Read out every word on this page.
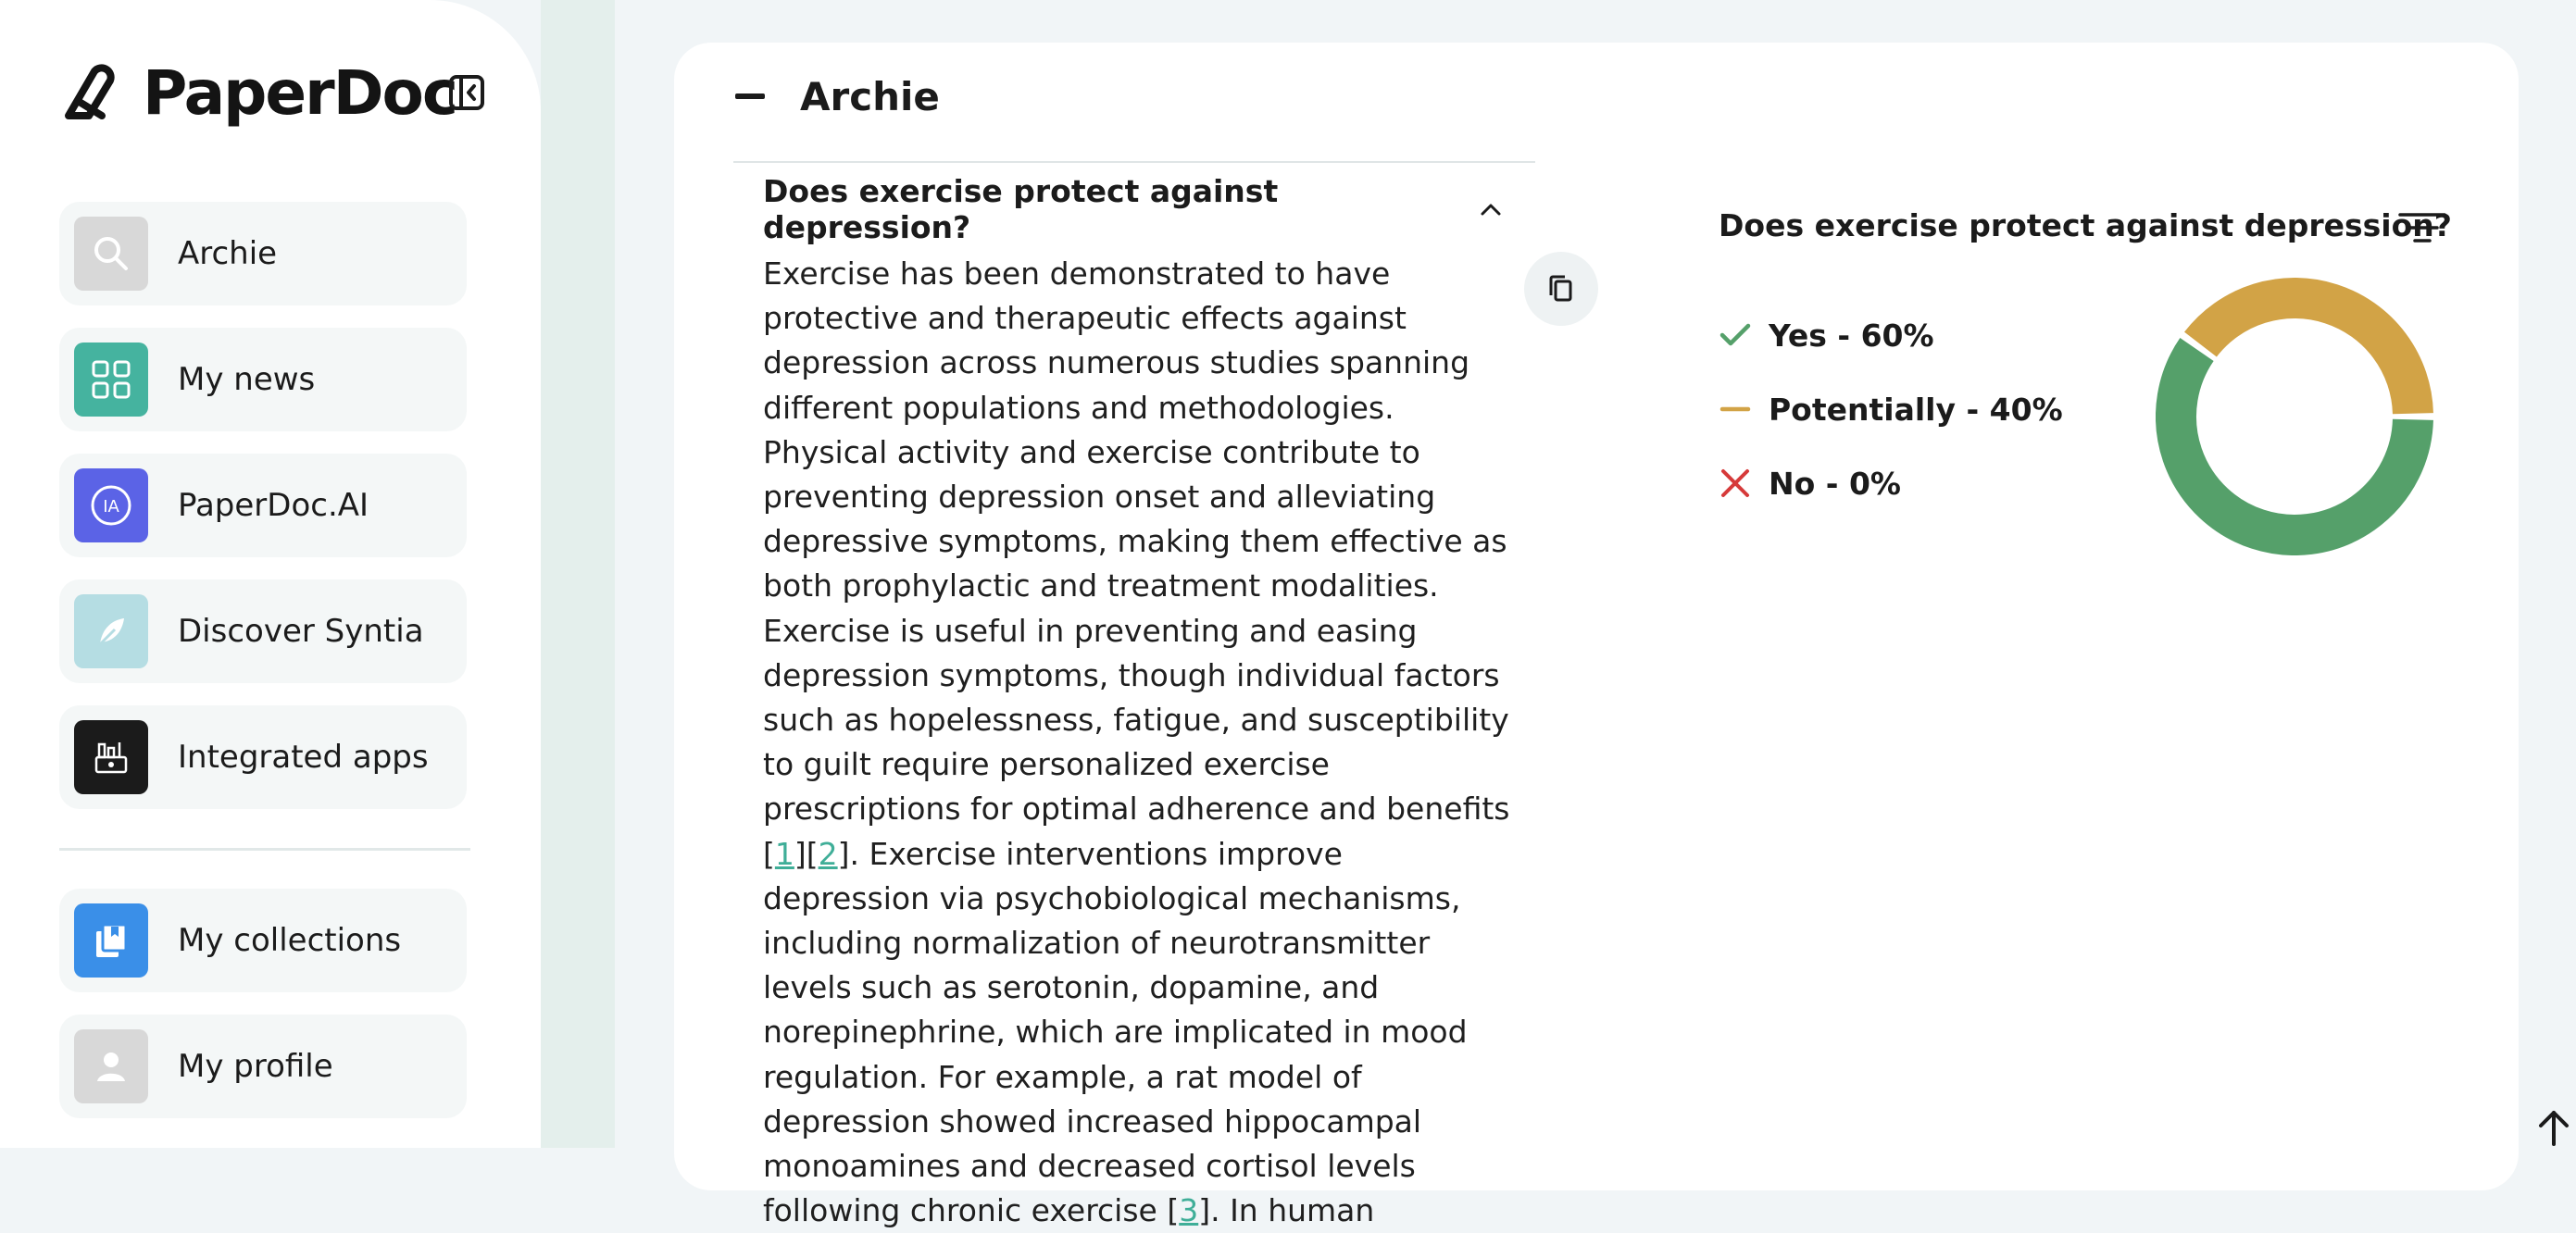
PaperDoc
Archie
My news
IA PaperDoc.AI
Discover Syntia
Integrated apps
My collections
My profile
Archie
Does exercise protect against depression?
Exercise has been demonstrated to have protective and therapeutic effects against depression across numerous studies spanning different populations and methodologies. Physical activity and exercise contribute to preventing depression onset and alleviating depressive symptoms, making them effective as both prophylactic and treatment modalities. Exercise is useful in preventing and easing depression symptoms, though individual factors such as hopelessness, fatigue, and susceptibility to guilt require personalized exercise prescriptions for optimal adherence and benefits [1][2]. Exercise interventions improve depression via psychobiological mechanisms, including normalization of neurotransmitter levels such as serotonin, dopamine, and norepinephrine, which are implicated in mood regulation. For example, a rat model of depression showed increased hippocampal monoamines and decreased cortisol levels following chronic exercise [3]. In human
Does exercise protect against depression?
Yes - 60%
Potentially - 40%
No - 0%
